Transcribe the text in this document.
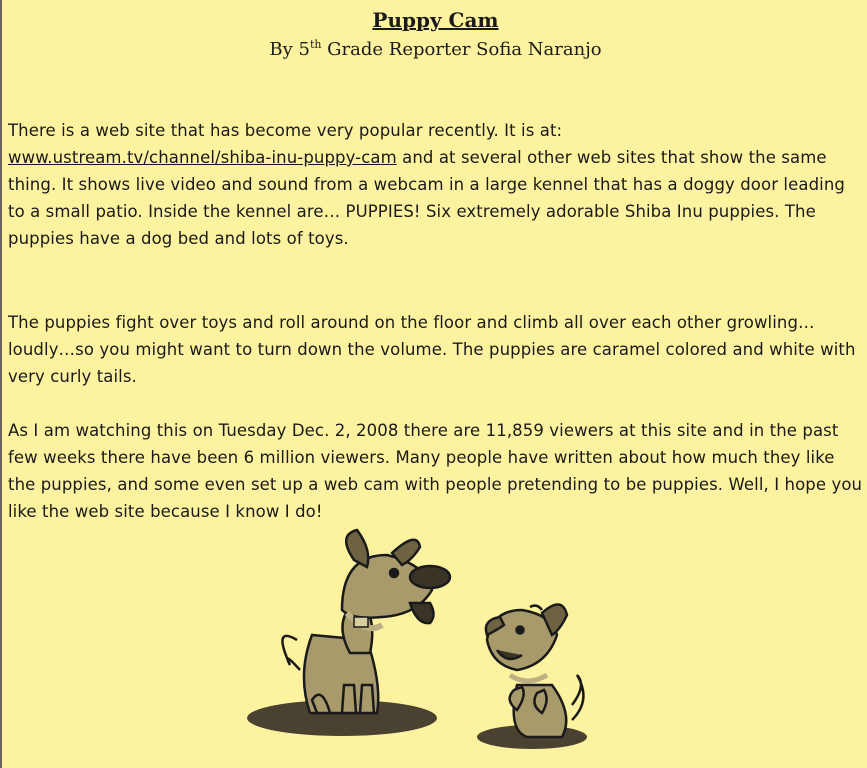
Puppy Cam
By 5th Grade Reporter Sofia Naranjo
There is a web site that has become very popular recently. It is at:
www.ustream.tv/channel/shiba-inu-puppy-cam and at several other web sites that show the same thing. It shows live video and sound from a webcam in a large kennel that has a doggy door leading to a small patio. Inside the kennel are… PUPPIES! Six extremely adorable Shiba Inu puppies. The puppies have a dog bed and lots of toys.
The puppies fight over toys and roll around on the floor and climb all over each other growling…loudly…so you might want to turn down the volume. The puppies are caramel colored and white with very curly tails.
As I am watching this on Tuesday Dec. 2, 2008 there are 11,859 viewers at this site and in the past few weeks there have been 6 million viewers. Many people have written about how much they like the puppies, and some even set up a web cam with people pretending to be puppies. Well, I hope you like the web site because I know I do!
